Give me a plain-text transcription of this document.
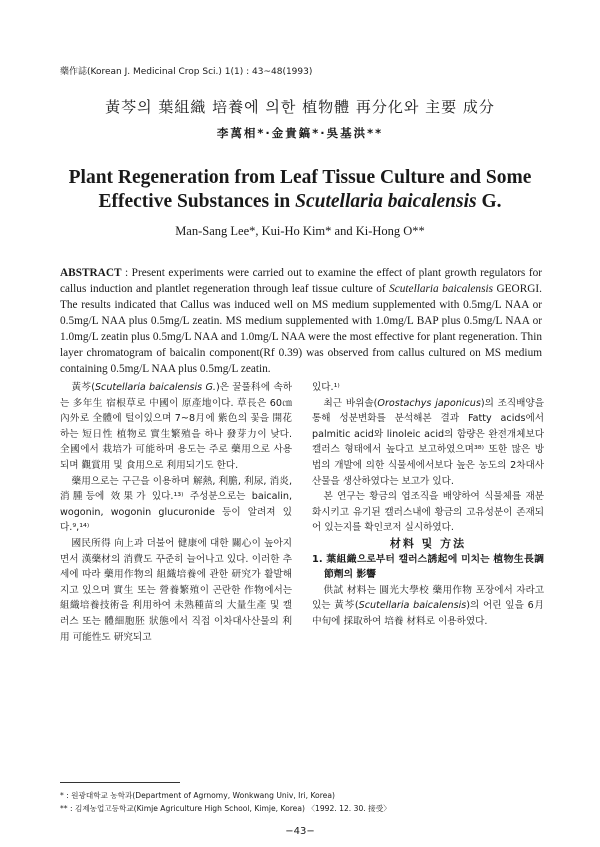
藥作誌(Korean J. Medicinal Crop Sci.) 1(1) : 43~48(1993)
黃芩의 葉組織 培養에 의한 植物體 再分化와 主要 成分
李萬相*·金貴鎬*·吳基洪**
Plant Regeneration from Leaf Tissue Culture and Some
Effective Substances in Scutellaria baicalensis G.
Man-Sang Lee*, Kui-Ho Kim* and Ki-Hong O**
ABSTRACT : Present experiments were carried out to examine the effect of plant growth regulators for callus induction and plantlet regeneration through leaf tissue culture of Scutellaria baicalensis GEORGI. The results indicated that Callus was induced well on MS medium supplemented with 0.5mg/L NAA or 0.5mg/L NAA plus 0.5mg/L zeatin. MS medium supplemented with 1.0mg/L BAP plus 0.5mg/L NAA or 1.0mg/L zeatin plus 0.5mg/L NAA and 1.0mg/L NAA were the most effective for plant regeneration. Thin layer chromatogram of baicalin component(Rf 0.39) was observed from callus cultured on MS medium containing 0.5mg/L NAA plus 0.5mg/L zeatin.

黃芩(Scutellaria baicalensis G.)은 꿀풀科에 속하는 多年生 宿根草로 中國이 原產地이다. 草長은 60㎝內外로 全體에 털이있으며 7~8月에 紫色의 꽃을 開花하는 短日性 植物로 實生繁殖을 하나 發芽力이 낮다. 全國에서 栽培가 可能하며 용도는 주로 藥用으로 사용되며 觀賞用 및 食用으로 利用되기도 한다.

藥用으로는 구근을 이용하며 解熱, 利膽, 利尿, 消炎, 消腫등에 效果가 있다.¹³⁾ 주성분으로는 baicalin, wogonin, wogonin glucuronide 등이 알려져 있다.⁹,¹⁴⁾

國民所得 向上과 더불어 健康에 대한 關心이 높아지면서 漢藥材의 消費도 꾸준히 늘어나고 있다. 이러한 추세에 따라 藥用作物의 組織培養에 관한 研究가 활발해지고 있으며 實生 또는 營養繁殖이 곤란한 作物에서는 組織培養技術을 利用하여 未熟種苗의 大量生產 및 캘러스 또는 體細胞胚 狀態에서 직접 이차대사산물의 利用 可能性도 研究되고

있다.¹⁾

최근 바위솔(Orostachys japonicus)의 조직배양을 통해 성분변화를 분석해본 결과 Fatty acids에서 palmitic acid와 linoleic acid의 함량은 완전개체보다 캘러스 형태에서 높다고 보고하였으며³⁸⁾ 또한 많은 방법의 개발에 의한 식물세에서보다 높은 농도의 2차대사산물을 생산하였다는 보고가 있다.

본 연구는 황금의 엽조직을 배양하여 식물체를 재분화시키고 유기된 캘러스내에 황금의 고유성분이 존재되어 있는지를 확인코저 실시하였다.

材料 및 方法

1. 葉組織으로부터 캘러스誘起에 미치는 植物生長調節劑의 影響

供試 材料는 圓光大學校 藥用作物 포장에서 자라고 있는 黃芩(Scutellaria baicalensis)의 어린 잎을 6月 中旬에 採取하여 培養 材料로 이용하였다.

* : 원광대학교 농학과(Department of Agrnomy, Wonkwang Univ, Iri, Korea)
** : 김제농업고등학교(Kimje Agriculture High School, Kimje, Korea) 〈1992. 12. 30. 接受〉
−43−
